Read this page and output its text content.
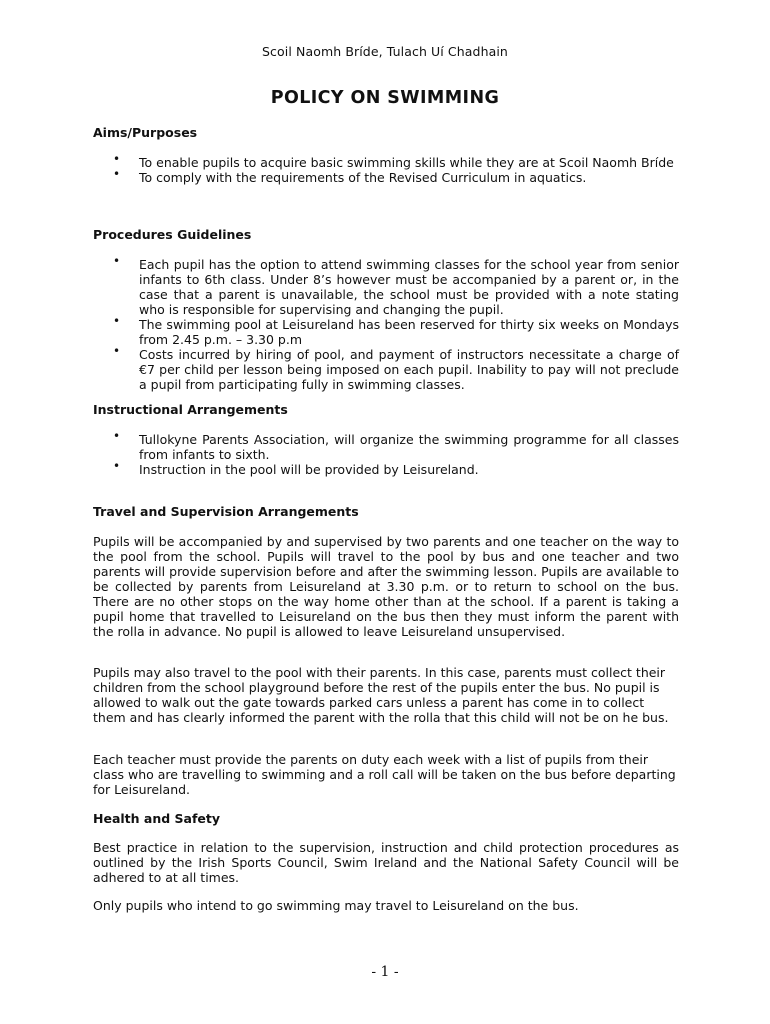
Scoil Naomh Bríde, Tulach Uí Chadhain
POLICY ON SWIMMING
Aims/Purposes
• To enable pupils to acquire basic swimming skills while they are at Scoil Naomh Bríde
• To comply with the requirements of the Revised Curriculum in aquatics.
Procedures Guidelines
• Each pupil has the option to attend swimming classes for the school year from senior infants to 6th class. Under 8’s however must be accompanied by a parent or, in the case that a parent is unavailable, the school must be provided with a note stating who is responsible for supervising and changing the pupil.
• The swimming pool at Leisureland has been reserved for thirty six weeks on Mondays from 2.45 p.m. – 3.30 p.m
• Costs incurred by hiring of pool, and payment of instructors necessitate a charge of €7 per child per lesson being imposed on each pupil. Inability to pay will not preclude a pupil from participating fully in swimming classes.
Instructional Arrangements
• Tullokyne Parents Association, will organize the swimming programme for all classes from infants to sixth.
• Instruction in the pool will be provided by Leisureland.
Travel and Supervision Arrangements

Pupils will be accompanied by and supervised by two parents and one teacher on the way to the pool from the school. Pupils will travel to the pool by bus and one teacher and two parents will provide supervision before and after the swimming lesson. Pupils are available to be collected by parents from Leisureland at 3.30 p.m. or to return to school on the bus. There are no other stops on the way home other than at the school. If a parent is taking a pupil home that travelled to Leisureland on the bus then they must inform the parent with the rolla in advance. No pupil is allowed to leave Leisureland unsupervised.

Pupils may also travel to the pool with their parents. In this case, parents must collect their children from the school playground before the rest of the pupils enter the bus. No pupil is allowed to walk out the gate towards parked cars unless a parent has come in to collect them and has clearly informed the parent with the rolla that this child will not be on he bus.

Each teacher must provide the parents on duty each week with a list of pupils from their class who are travelling to swimming and a roll call will be taken on the bus before departing for Leisureland.

Health and Safety

Best practice in relation to the supervision, instruction and child protection procedures as outlined by the Irish Sports Council, Swim Ireland and the National Safety Council will be adhered to at all times.

Only pupils who intend to go swimming may travel to Leisureland on the bus.

- 1 -
